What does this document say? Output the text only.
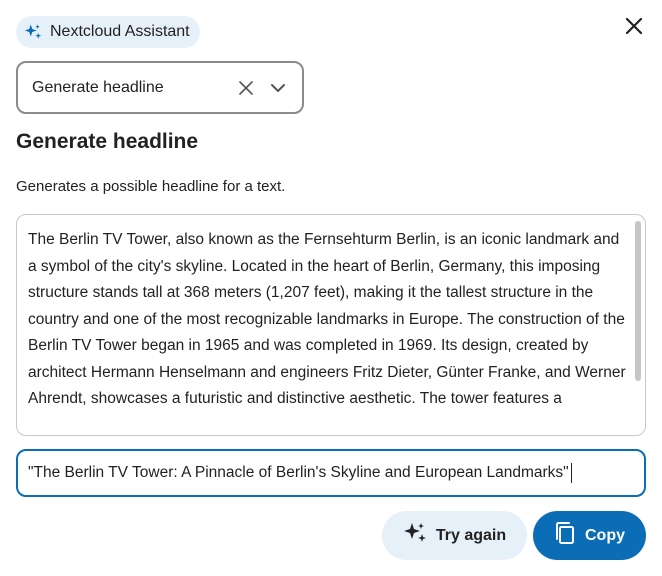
Nextcloud Assistant
Generate headline
Generate headline
Generates a possible headline for a text.
The Berlin TV Tower, also known as the Fernsehturm Berlin, is an iconic landmark and a symbol of the city's skyline. Located in the heart of Berlin, Germany, this imposing structure stands tall at 368 meters (1,207 feet), making it the tallest structure in the country and one of the most recognizable landmarks in Europe. The construction of the Berlin TV Tower began in 1965 and was completed in 1969. Its design, created by architect Hermann Henselmann and engineers Fritz Dieter, Günter Franke, and Werner Ahrendt, showcases a futuristic and distinctive aesthetic. The tower features a
"The Berlin TV Tower: A Pinnacle of Berlin's Skyline and European Landmarks"
Try again	Copy
